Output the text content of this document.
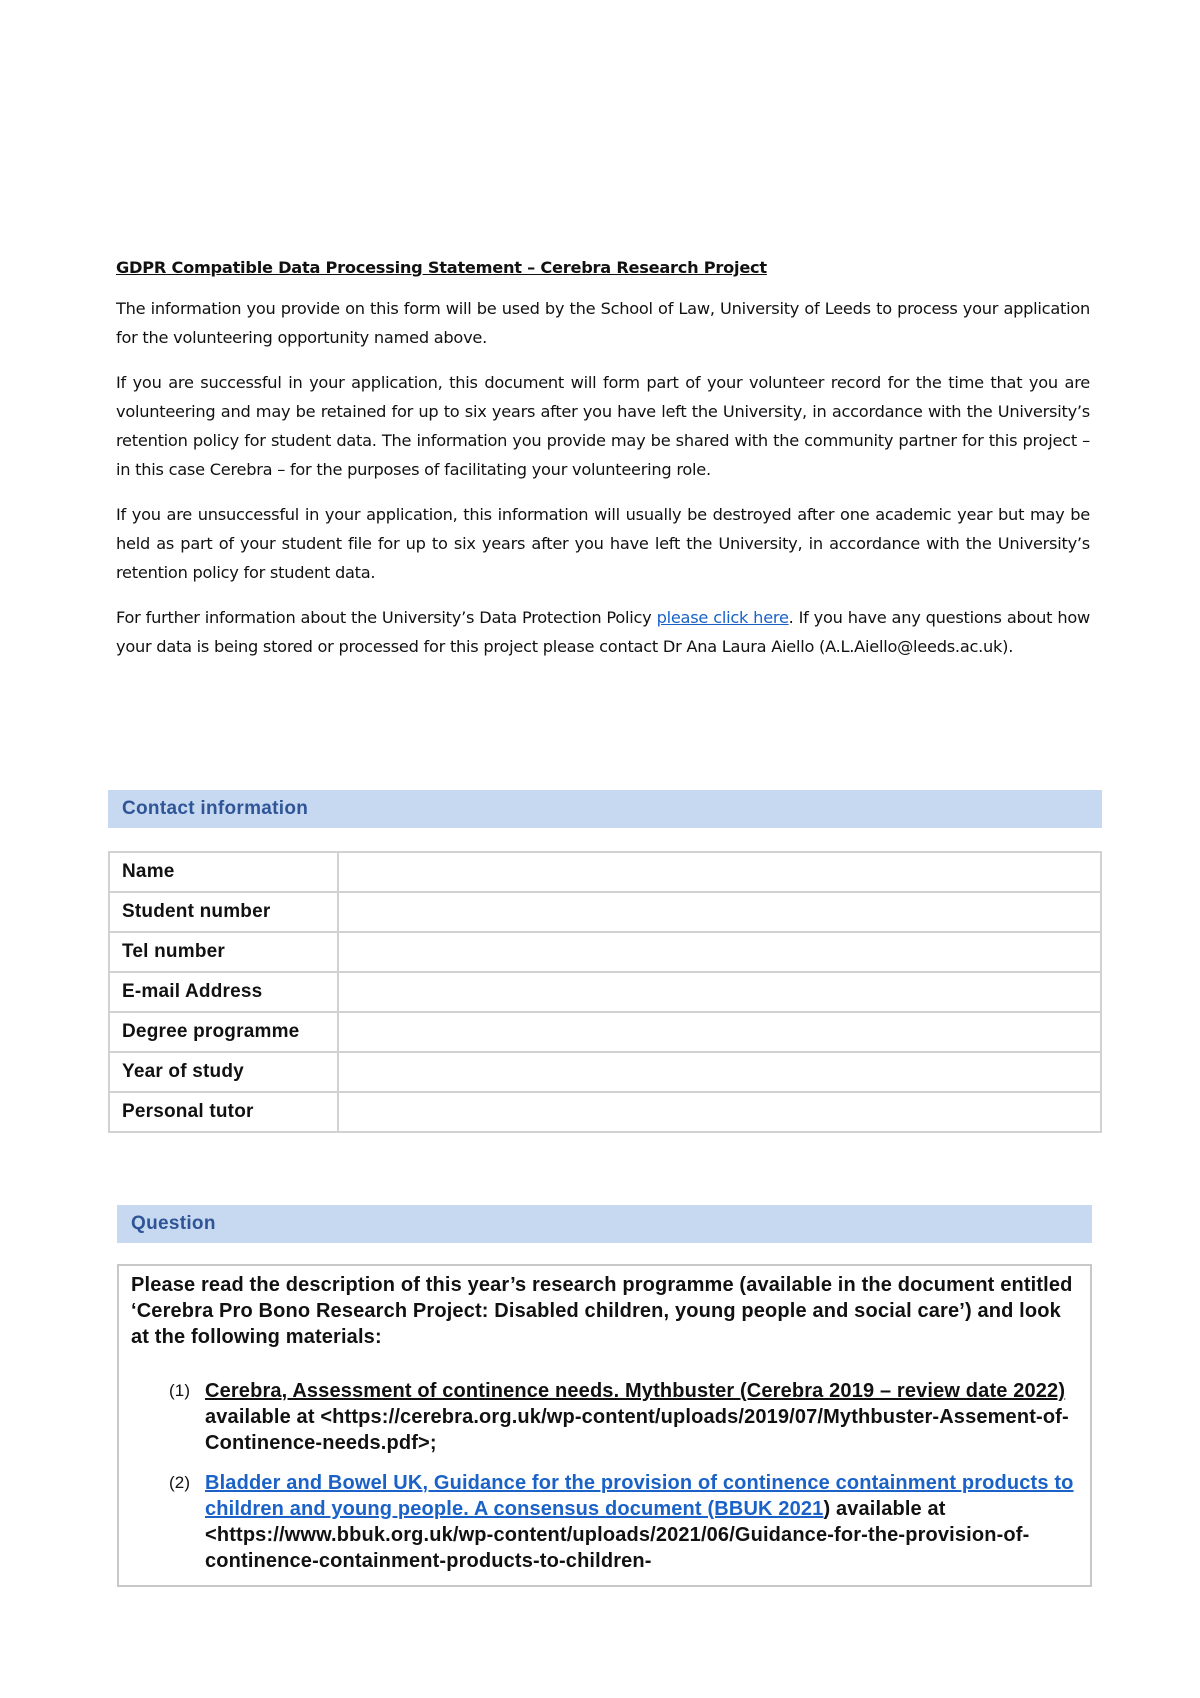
GDPR Compatible Data Processing Statement – Cerebra Research Project

The information you provide on this form will be used by the School of Law, University of Leeds to process your application for the volunteering opportunity named above.

If you are successful in your application, this document will form part of your volunteer record for the time that you are volunteering and may be retained for up to six years after you have left the University, in accordance with the University’s retention policy for student data. The information you provide may be shared with the community partner for this project – in this case Cerebra – for the purposes of facilitating your volunteering role.

If you are unsuccessful in your application, this information will usually be destroyed after one academic year but may be held as part of your student file for up to six years after you have left the University, in accordance with the University’s retention policy for student data.

For further information about the University’s Data Protection Policy please click here. If you have any questions about how your data is being stored or processed for this project please contact Dr Ana Laura Aiello (A.L.Aiello@leeds.ac.uk).

Contact information
Name	
Student number	
Tel number	
E-mail Address	
Degree programme	
Year of study	
Personal tutor	
Question
Please read the description of this year’s research programme (available in the document entitled ‘Cerebra Pro Bono Research Project: Disabled children, young people and social care’) and look at the following materials:
(1) Cerebra, Assessment of continence needs. Mythbuster (Cerebra 2019 – review date 2022) available at <https://cerebra.org.uk/wp-content/uploads/2019/07/Mythbuster-Assement-of-Continence-needs.pdf>;
(2) Bladder and Bowel UK, Guidance for the provision of continence containment products to children and young people. A consensus document (BBUK 2021) available at <https://www.bbuk.org.uk/wp-content/uploads/2021/06/Guidance-for-the-provision-of-continence-containment-products-to-children-
